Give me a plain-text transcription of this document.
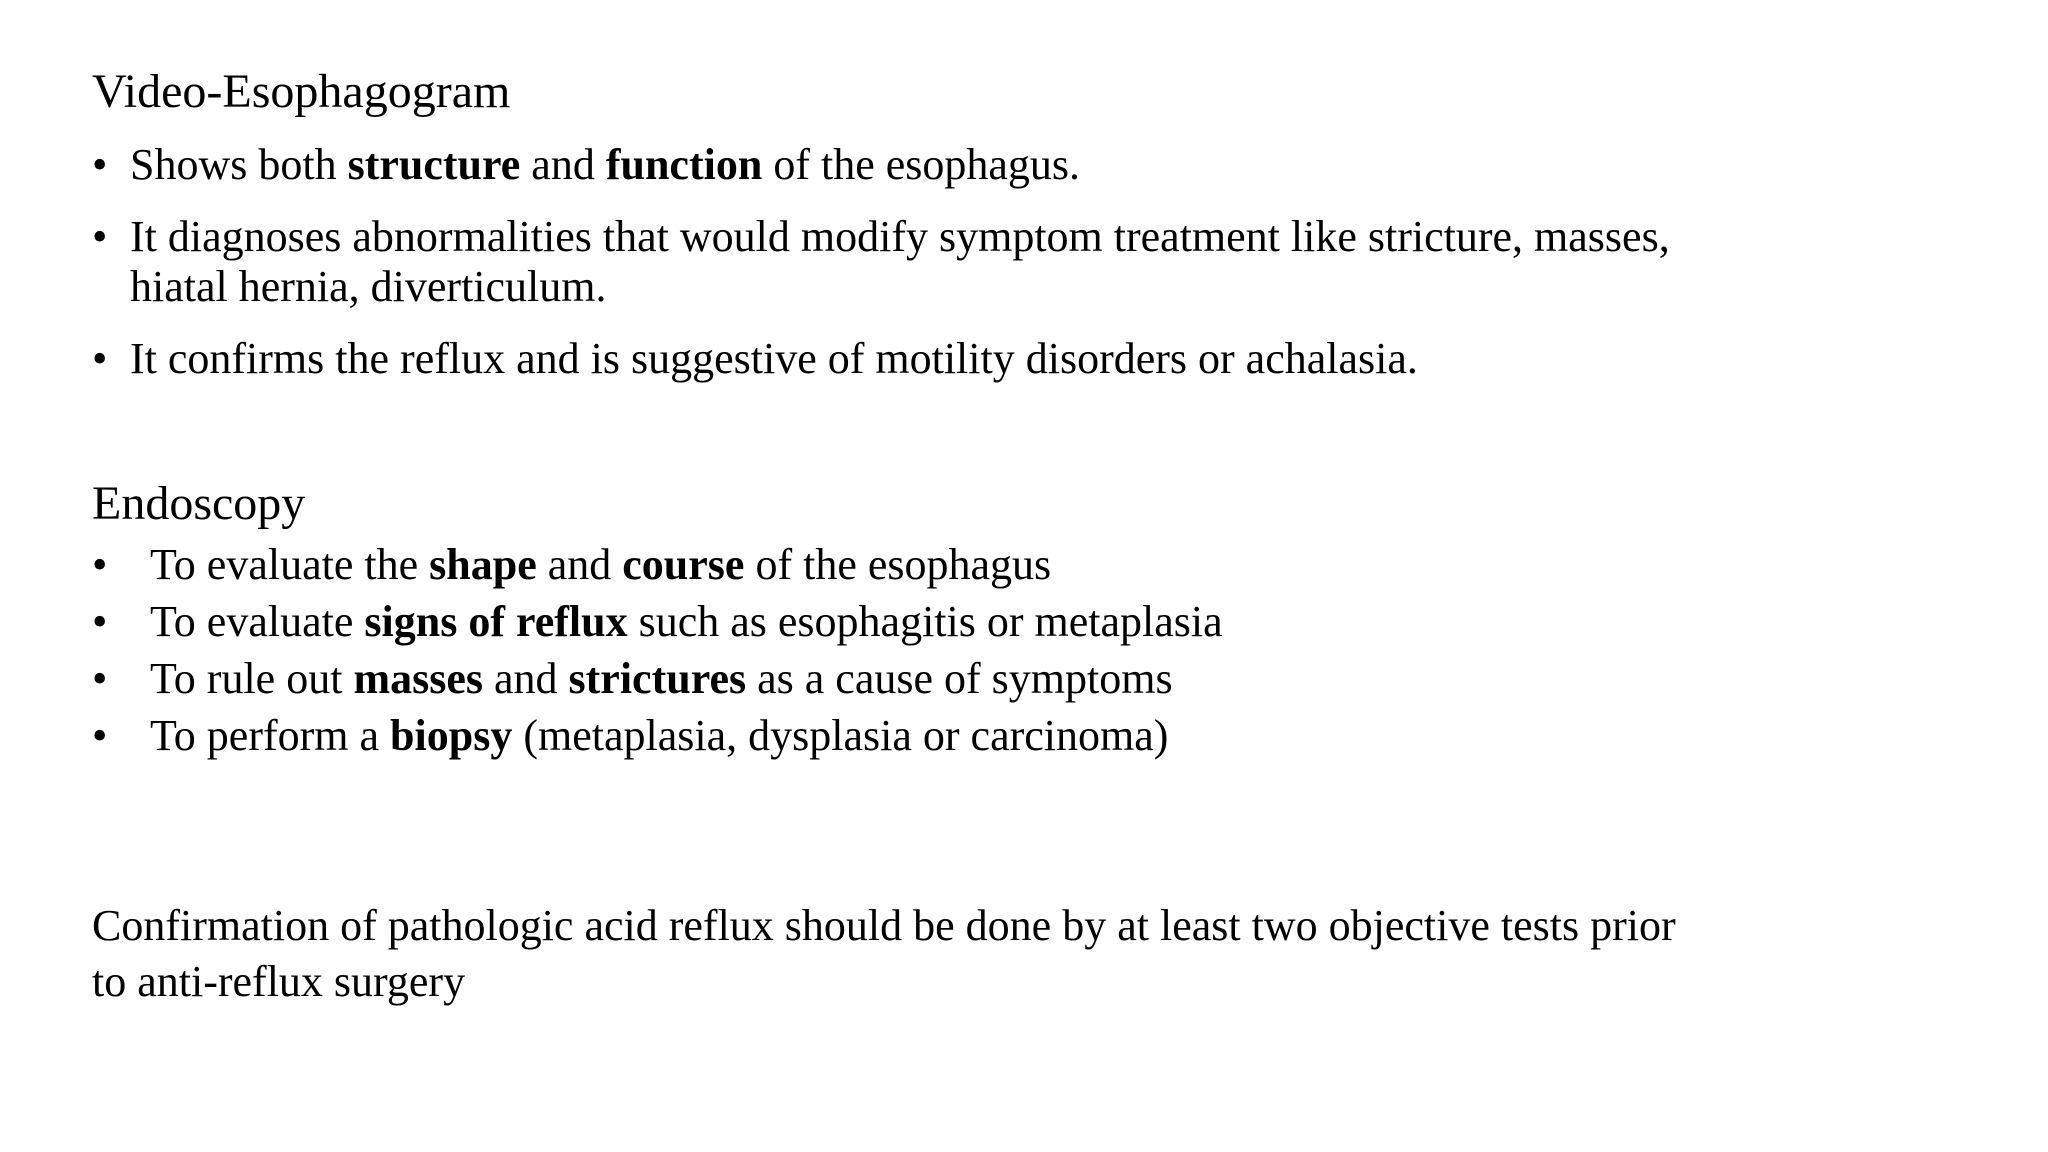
Video-Esophagogram
• Shows both structure and function of the esophagus.
• It diagnoses abnormalities that would modify symptom treatment like stricture, masses,
hiatal hernia, diverticulum.
• It confirms the reflux and is suggestive of motility disorders or achalasia.
Endoscopy
• To evaluate the shape and course of the esophagus
• To evaluate signs of reflux such as esophagitis or metaplasia
• To rule out masses and strictures as a cause of symptoms
• To perform a biopsy (metaplasia, dysplasia or carcinoma)
Confirmation of pathologic acid reflux should be done by at least two objective tests prior
to anti-reflux surgery
